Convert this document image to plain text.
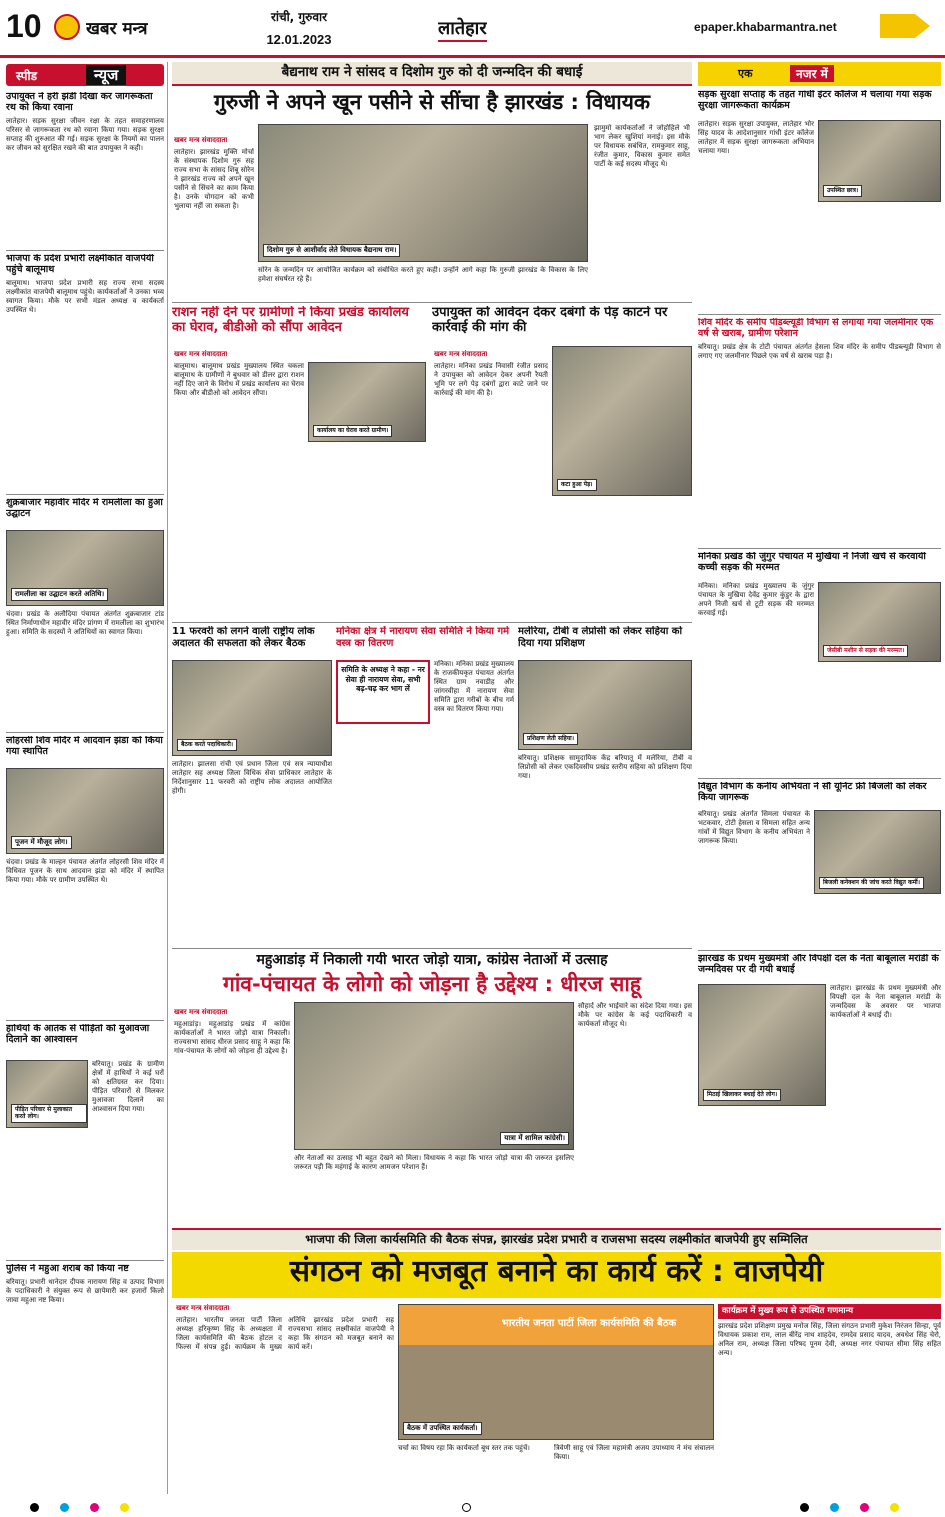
10	खबर मन्त्र
रांची, गुरुवार
12.01.2023
लातेहार	epaper.khabarmantra.net
स्पीड	न्यूज
उपायुक्त ने हरी झंडी दिखा कर जागरूकता रथ को किया रवाना
लातेहार। सड़क सुरक्षा जीवन रक्षा के तहत समाहरणालय परिसर से जागरूकता रथ को रवाना किया गया। सड़क सुरक्षा सप्ताह की शुरुआत की गई। सड़क सुरक्षा के नियमों का पालन कर जीवन को सुरक्षित रखने की बात उपायुक्त ने कही।
भाजपा के प्रदेश प्रभारी लक्ष्मीकांत वाजपेयी पहुंचे बालूमाथ
बालूमाथ। भाजपा प्रदेश प्रभारी सह राज्य सभा सदस्य लक्ष्मीकांत वाजपेयी बालूमाथ पहुंचे। कार्यकर्ताओं ने उनका भव्य स्वागत किया। मौके पर सभी मंडल अध्यक्ष व कार्यकर्ता उपस्थित थे।
शुक्रबाजार महावीर मंदिर में रामलीला का हुआ उद्घाटन
रामलीला का उद्घाटन करते अतिथि।
चंदवा। प्रखंड के अलौदिया पंचायत अंतर्गत शुक्रबाजार टांड स्थित निर्माणाधीन महावीर मंदिर प्रांगण में रामलीला का शुभारंभ हुआ। समिति के सदस्यों ने अतिथियों का स्वागत किया।
लोहरसी शिव मंदिर में आदवान झंडा को किया गया स्थापित
पूजन में मौजूद लोग।
चंदवा। प्रखंड के माल्हन पंचायत अंतर्गत लोहरसी शिव मंदिर में विधिवत पूजन के साथ आदवान झंडा को मंदिर में स्थापित किया गया। मौके पर ग्रामीण उपस्थित थे।
हाथियों के आतंक से पीड़ितों को मुआवजा दिलाने का आश्वासन
पीड़ित परिवार से मुलाकात करते लोग।
बरियातू। प्रखंड के ग्रामीण क्षेत्रों में हाथियों ने कई घरों को क्षतिग्रस्त कर दिया। पीड़ित परिवारों से मिलकर मुआवजा दिलाने का आश्वासन दिया गया।
पुलिस ने महुआ शराब को किया नष्ट
बरियातू। प्रभारी थानेदार दीपक नारायण सिंह व उत्पाद विभाग के पदाधिकारी ने संयुक्त रूप से छापेमारी कर हजारों किलो जावा महुआ नष्ट किया।
बैद्यनाथ राम ने सांसद व दिशोम गुरु को दी जन्मदिन की बधाई
गुरुजी ने अपने खून पसीने से सींचा है झारखंड : विधायक
खबर मन्त्र संवाददाता
लातेहार। झारखंड मुक्ति मोर्चा के संस्थापक दिशोम गुरु सह राज्य सभा के सांसद शिबू सोरेन ने झारखंड राज्य को अपने खून पसीने से सिंचने का काम किया है। उनके योगदान को कभी भुलाया नहीं जा सकता है।
दिशोम गुरु से आशीर्वाद लेते विधायक बैद्यनाथ राम।
सोरेन के जन्मदिन पर आयोजित कार्यक्रम को संबोधित करते हुए कही। उन्होंने आगे कहा कि गुरुजी झारखंड के विकास के लिए हमेशा संघर्षरत रहे हैं।
झामुमो कार्यकर्ताओं ने जोहोहिले भी भाग लेकर खुशियां मनाई। इस मौके पर विधायक सबंधित, रामकुमार साहू, रंजीत कुमार, विकास कुमार समेत पार्टी के कई सदस्य मौजूद थे।
राशन नहीं देने पर ग्रामीणों ने किया प्रखंड कार्यालय का घेराव, बीडीओ को सौंपा आवेदन
खबर मन्त्र संवाददाता
कार्यालय का घेराव करते ग्रामीण।
बालूमाथ। बालूमाथ प्रखंड मुख्यालय स्थित चकला बालूमाथ के ग्रामीणों ने बुधवार को डीलर द्वारा राशन नहीं दिए जाने के विरोध में प्रखंड कार्यालय का घेराव किया और बीडीओ को आवेदन सौंपा।
उपायुक्त को आवेदन देकर दबंगों के पेड़ काटने पर कार्रवाई की मांग की
खबर मन्त्र संवाददाता
कटा हुआ पेड़।
लातेहार। मनिका प्रखंड निवासी रंजीत प्रसाद ने उपायुक्त को आवेदन देकर अपनी रैयती भूमि पर लगे पेड़ दबंगों द्वारा काटे जाने पर कार्रवाई की मांग की है।
11 फरवरी को लगने वाली राष्ट्रीय लोक अदालत की सफलता को लेकर बैठक
बैठक करते पदाधिकारी।
लातेहार। झालसा रांची एवं प्रधान जिला एवं सत्र न्यायाधीश लातेहार सह अध्यक्ष जिला विधिक सेवा प्राधिकार लातेहार के निर्देशानुसार 11 फरवरी को राष्ट्रीय लोक अदालत आयोजित होगी।
मनिका क्षेत्र में नारायण सेवा समिति ने किया गर्म वस्त्र का वितरण
समिति के अध्यक्ष ने कहा - नर सेवा ही नारायण सेवा, सभी बढ़-चढ़ कर भाग लें
मनिका। मनिका प्रखंड मुख्यालय के राजकीयकृत पंचायत अंतर्गत स्थित ग्राम नवाडीह और जांगरवीहा में नारायण सेवा समिति द्वारा गरीबों के बीच गर्म वस्त्र का वितरण किया गया।
मलेरिया, टीबी व लेप्रोसी को लेकर सहिया को दिया गया प्रशिक्षण
प्रशिक्षण लेती सहिया।
बरियातू। प्रशिक्षक सामुदायिक केंद्र बरियातू में मलेरिया, टीबी व लिप्रोसी को लेकर एकदिवसीय प्रखंड स्तरीय सहिया को प्रशिक्षण दिया गया।
एक	नजर में
सड़क सुरक्षा सप्ताह के तहत गांधी इंटर कॉलेज में चलाया गया सड़क सुरक्षा जागरूकता कार्यक्रम
उपस्थित छात्र।
लातेहार। सड़क सुरक्षा उपायुक्त, लातेहार भोर सिंह यादव के आदेशानुसार गांधी इंटर कॉलेज लातेहार में सड़क सुरक्षा जागरूकता अभियान चलाया गया।
शिव मंदिर के समीप पीडब्ल्यूडी विभाग से लगाया गया जलमीनार एक वर्ष से खराब, ग्रामीण परेशान
बरियातू। प्रखंड क्षेत्र के टोटी पंचायत अंतर्गत हेसला शिव मंदिर के समीप पीडब्ल्यूडी विभाग से लगाए गए जलमीनार पिछले एक वर्ष से खराब पड़ा है।
मनिका प्रखंड की जुंगुर पंचायत में मुखिया ने निजी खर्च से करवायी कच्ची सड़क की मरम्मत
जेसीबी मशीन से सड़क की मरम्मत।
मनिका। मनिका प्रखंड मुख्यालय के जुंगुर पंचायत के मुखिया देवेंद्र कुमार कुंडुर के द्वारा अपने निजी खर्च से टूटी सड़क की मरम्मत करवाई गई।
विद्युत विभाग के कनीय अभियंता ने सौ यूनिट फ्री बिजली को लेकर किया जागरूक
बिजली कनेक्शन की जांच करते विद्युत कर्मी।
बरियातू। प्रखंड अंतर्गत सिमला पंचायत के भटकवार, टोटी हेसला व सिमला सहित अन्य गांवों में विद्युत विभाग के कनीय अभियंता ने जागरूक किया।
झारखंड के प्रथम मुख्यमंत्री और विपक्षी दल के नेता बाबूलाल मरांडी के जन्मदिवस पर दी गयी बधाई
मिठाई खिलाकर बधाई देते लोग।
लातेहार। झारखंड के प्रथम मुख्यमंत्री और विपक्षी दल के नेता बाबूलाल मरांडी के जन्मदिवस के अवसर पर भाजपा कार्यकर्ताओं ने बधाई दी।
महुआडांड़ में निकाली गयी भारत जोड़ो यात्रा, कांग्रेस नेताओं में उत्साह
गांव-पंचायत के लोगो को जोड़ना है उद्देश्य : धीरज साहू
खबर मन्त्र संवाददाता
महुआडांड़। महुआडांड़ प्रखंड में कांग्रेस कार्यकर्ताओं ने भारत जोड़ो यात्रा निकाली। राज्यसभा सांसद धीरज प्रसाद साहू ने कहा कि गांव-पंचायत के लोगों को जोड़ना ही उद्देश्य है।
यात्रा में शामिल कांग्रेसी।
और नेताओं का उत्साह भी बहुत देखने को मिला। विधायक ने कहा कि भारत जोड़ो यात्रा की जरूरत इसलिए जरूरत पड़ी कि महंगाई के कारण आमजन परेशान हैं।
सौहार्द और भाईचारे का संदेश दिया गया। इस मौके पर कांग्रेस के कई पदाधिकारी व कार्यकर्ता मौजूद थे।
भाजपा की जिला कार्यसमिति की बैठक संपन्न, झारखंड प्रदेश प्रभारी व राजसभा सदस्य लक्ष्मीकांत बाजपेयी हुए सम्मिलित
संगठन को मजबूत बनाने का कार्य करें : वाजपेयी
खबर मन्त्र संवाददाता
लातेहार। भारतीय जनता पार्टी जिला अध्यक्ष हरिकृष्ण सिंह के अध्यक्षता में जिला कार्यसमिति की बैठक होटल द फिल्स में संपन्न हुई। कार्यक्रम के मुख्य अतिथि झारखंड प्रदेश प्रभारी सह राज्यसभा सांसद लक्ष्मीकांत वाजपेयी ने कहा कि संगठन को मजबूत बनाने का कार्य करें।
भारतीय जनता पार्टी जिला कार्यसमिति की बैठक
बैठक में उपस्थित कार्यकर्ता।
चर्चा का विषय रहा कि कार्यकर्ता बूथ स्तर तक पहुंचें।	त्रिवेणी साहू एवं जिला महामंत्री अजय उपाध्याय ने मंच संचालन किया।
कार्यक्रम में मुख्य रूप से उपस्थित गणमान्य
झारखंड प्रदेश प्रशिक्षण प्रमुख मनोज सिंह, जिला संगठन प्रभारी मुकेश निरंजन सिन्हा, पूर्व विधायक प्रकाश राम, लाल बीरेंद्र नाथ शाहदेव, रामदेव प्रसाद यादव, अवधेश सिंह चेरो, अनिल राम, अध्यक्ष जिला परिषद पूनम देवी, अध्यक्ष नगर पंचायत सीमा सिंह सहित अन्य।
